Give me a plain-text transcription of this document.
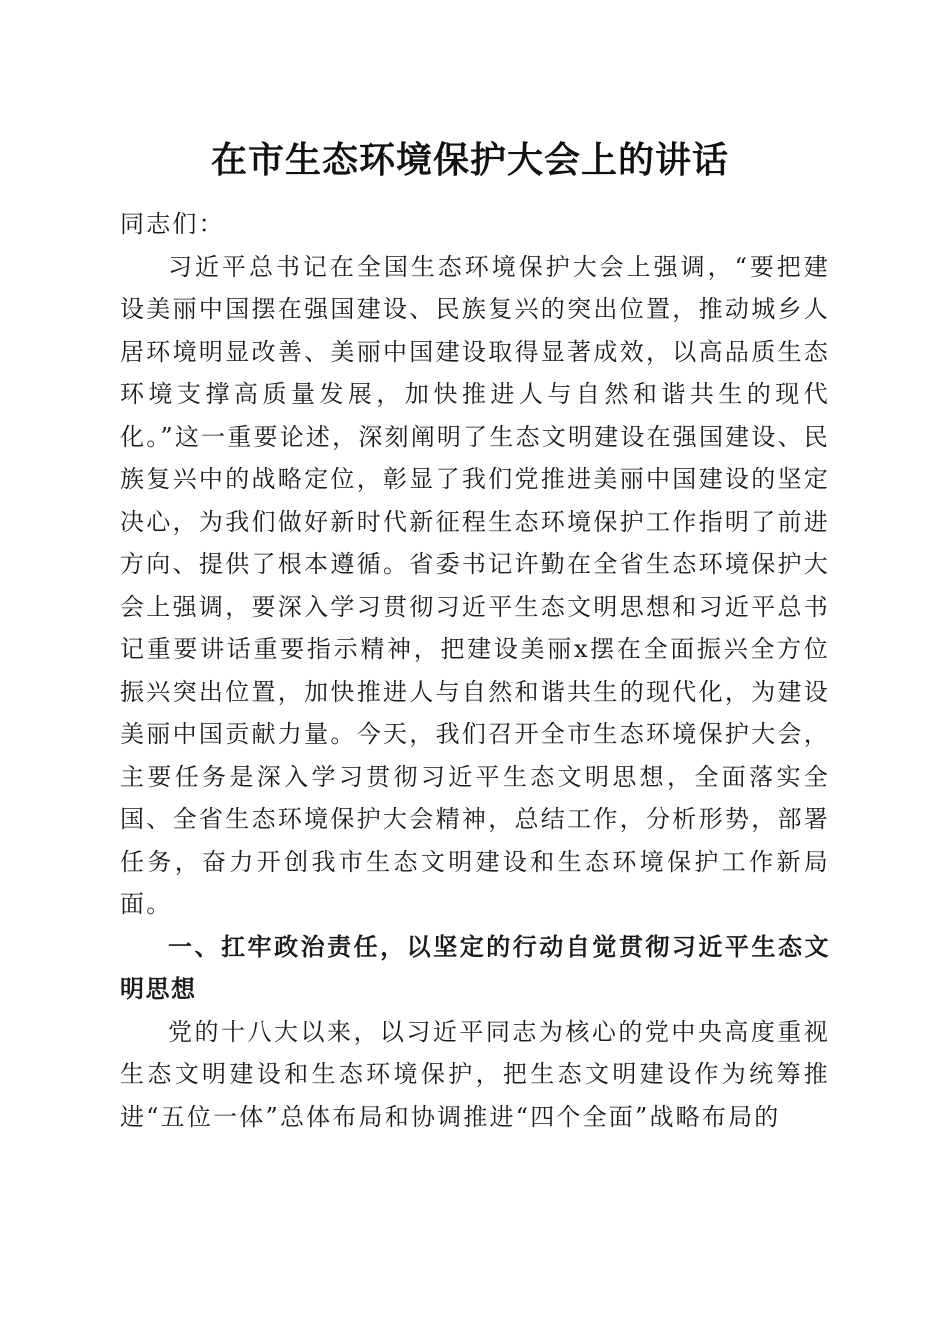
在市生态环境保护大会上的讲话

同志们：

习近平总书记在全国生态环境保护大会上强调，“要把建设美丽中国摆在强国建设、民族复兴的突出位置，推动城乡人居环境明显改善、美丽中国建设取得显著成效，以高品质生态环境支撑高质量发展，加快推进人与自然和谐共生的现代化。”这一重要论述，深刻阐明了生态文明建设在强国建设、民族复兴中的战略定位，彰显了我们党推进美丽中国建设的坚定决心，为我们做好新时代新征程生态环境保护工作指明了前进方向、提供了根本遵循。省委书记许勤在全省生态环境保护大会上强调，要深入学习贯彻习近平生态文明思想和习近平总书记重要讲话重要指示精神，把建设美丽x摆在全面振兴全方位振兴突出位置，加快推进人与自然和谐共生的现代化，为建设美丽中国贡献力量。今天，我们召开全市生态环境保护大会，主要任务是深入学习贯彻习近平生态文明思想，全面落实全国、全省生态环境保护大会精神，总结工作，分析形势，部署任务，奋力开创我市生态文明建设和生态环境保护工作新局面。

一、扛牢政治责任，以坚定的行动自觉贯彻习近平生态文明思想

党的十八大以来，以习近平同志为核心的党中央高度重视生态文明建设和生态环境保护，把生态文明建设作为统筹推进“五位一体”总体布局和协调推进“四个全面”战略布局的
